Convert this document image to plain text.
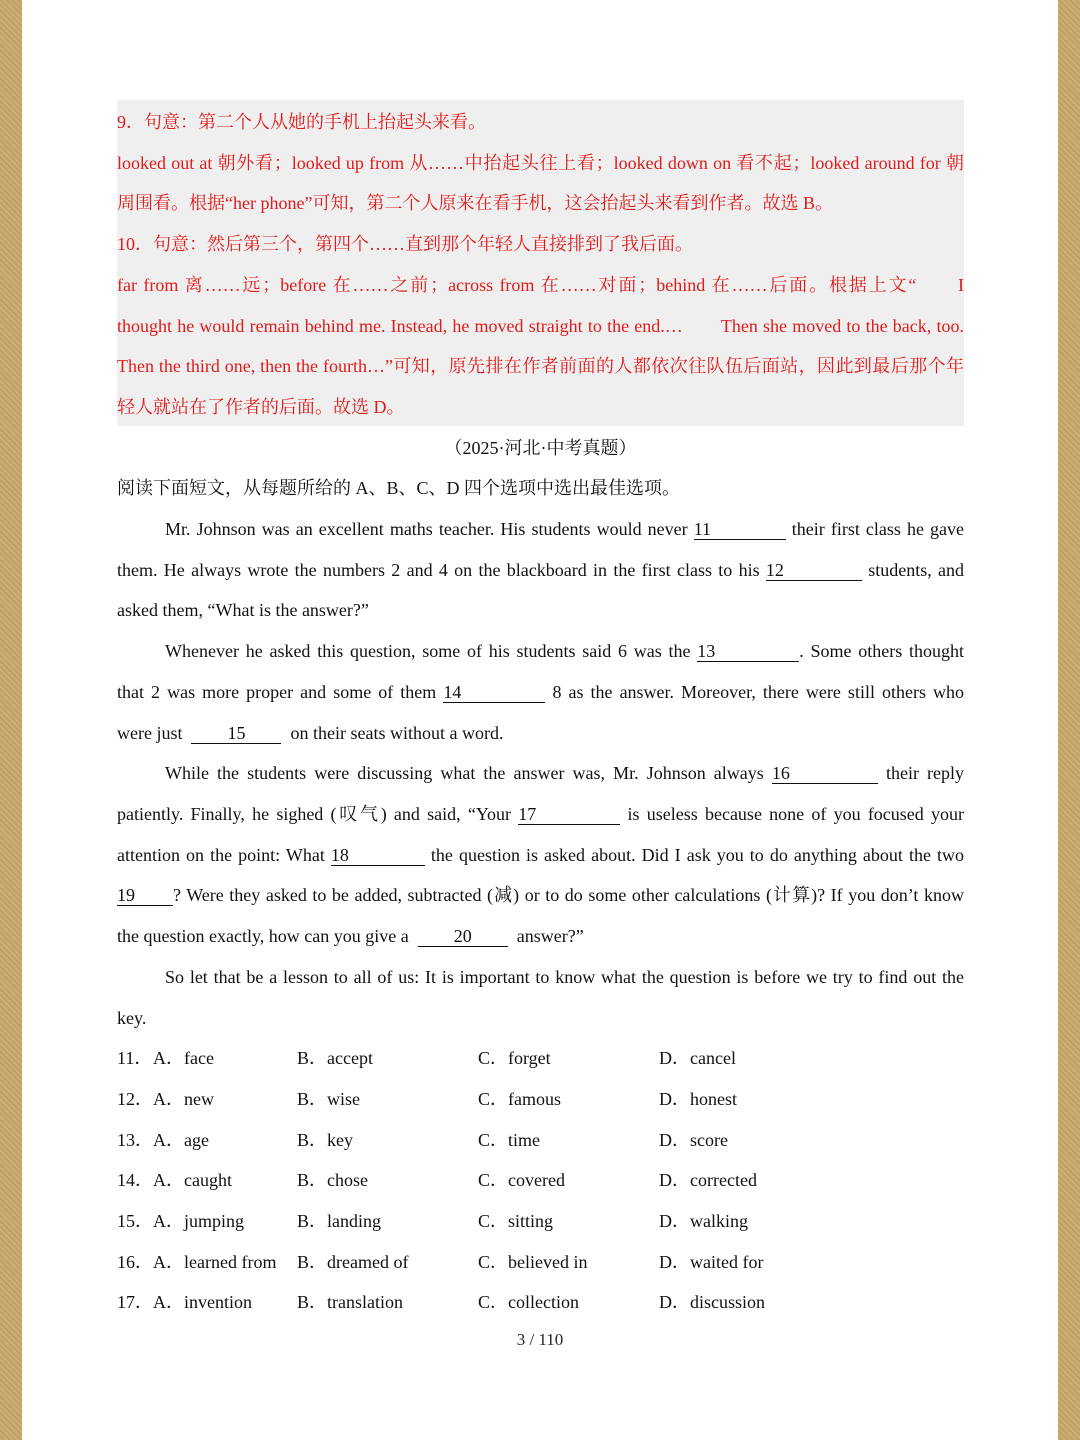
9．句意：第二个人从她的手机上抬起头来看。
looked out at 朝外看；looked up from 从……中抬起头往上看；looked down on 看不起；looked around for 朝
周围看。根据“her phone”可知，第二个人原来在看手机，这会抬起头来看到作者。故选 B。
10．句意：然后第三个，第四个……直到那个年轻人直接排到了我后面。
far from 离……远；before 在……之前；across from 在……对面；behind 在……后面。根据上文“　　I
thought he would remain behind me. Instead, he moved straight to the end.…　　Then she moved to the back, too.
Then the third one, then the fourth…”可知，原先排在作者前面的人都依次往队伍后面站，因此到最后那个年
轻人就站在了作者的后面。故选 D。
（2025·河北·中考真题）
阅读下面短文，从每题所给的 A、B、C、D 四个选项中选出最佳选项。
Mr. Johnson was an excellent maths teacher. His students would never 11	their first class he gave
them. He always wrote the numbers 2 and 4 on the blackboard in the first class to his 12	students, and
asked them, “What is the answer?”
Whenever he asked this question, some of his students said 6 was the 13	. Some others thought
that 2 was more proper and some of them 14	8 as the answer. Moreover, there were still others who
were just	15	on their seats without a word.
While the students were discussing what the answer was, Mr. Johnson always 16	their reply
patiently. Finally, he sighed (叹气) and said, “Your 17	is useless because none of you focused your
attention on the point: What 18	the question is asked about. Did I ask you to do anything about the two
19 ? Were they asked to be added, subtracted (减) or to do some other calculations (计算)? If you don’t know
the question exactly, how can you give a	20	answer?”
So let that be a lesson to all of us: It is important to know what the question is before we try to find out the
key.
11． A．face	B．accept	C．forget	D．cancel
12． A．new	B．wise	C．famous	D．honest
13． A．age	B．key	C．time	D．score
14． A．caught	B．chose	C．covered	D．corrected
15． A．jumping	B．landing	C．sitting	D．walking
16． A．learned from B．dreamed of	C．believed in	D．waited for
17． A．invention	B．translation	C．collection	D．discussion
3 / 110
